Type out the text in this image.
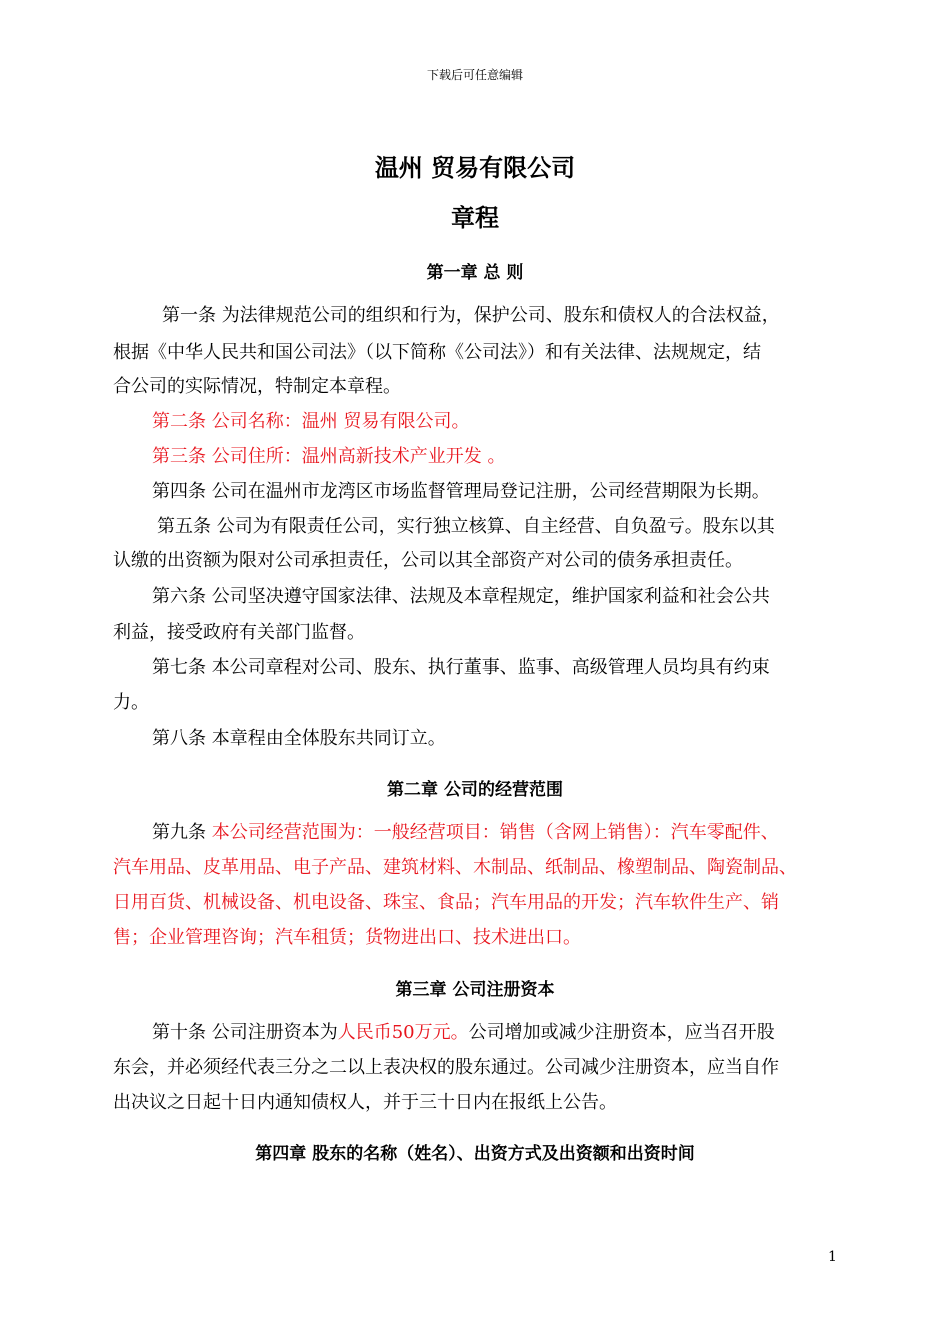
下载后可任意编辑
温州 贸易有限公司
章程
第一章 总 则
第一条 为法律规范公司的组织和行为，保护公司、股东和债权人的合法权益，
根据《中华人民共和国公司法》（以下简称《公司法》）和有关法律、法规规定，结
合公司的实际情况，特制定本章程。
第二条 公司名称：温州 贸易有限公司。
第三条 公司住所：温州高新技术产业开发 。
第四条 公司在温州市龙湾区市场监督管理局登记注册，公司经营期限为长期。
第五条 公司为有限责任公司，实行独立核算、自主经营、自负盈亏。股东以其
认缴的出资额为限对公司承担责任，公司以其全部资产对公司的债务承担责任。
第六条 公司坚决遵守国家法律、法规及本章程规定，维护国家利益和社会公共
利益，接受政府有关部门监督。
第七条 本公司章程对公司、股东、执行董事、监事、高级管理人员均具有约束
力。
第八条 本章程由全体股东共同订立。
第二章 公司的经营范围
第九条 本公司经营范围为：一般经营项目：销售（含网上销售）：汽车零配件、
汽车用品、皮革用品、电子产品、建筑材料、木制品、纸制品、橡塑制品、陶瓷制品、
日用百货、机械设备、机电设备、珠宝、食品；汽车用品的开发；汽车软件生产、销
售；企业管理咨询；汽车租赁；货物进出口、技术进出口。
第三章 公司注册资本
第十条 公司注册资本为人民币50万元。公司增加或减少注册资本，应当召开股
东会，并必须经代表三分之二以上表决权的股东通过。公司减少注册资本，应当自作
出决议之日起十日内通知债权人，并于三十日内在报纸上公告。
第四章 股东的名称（姓名）、出资方式及出资额和出资时间
1
